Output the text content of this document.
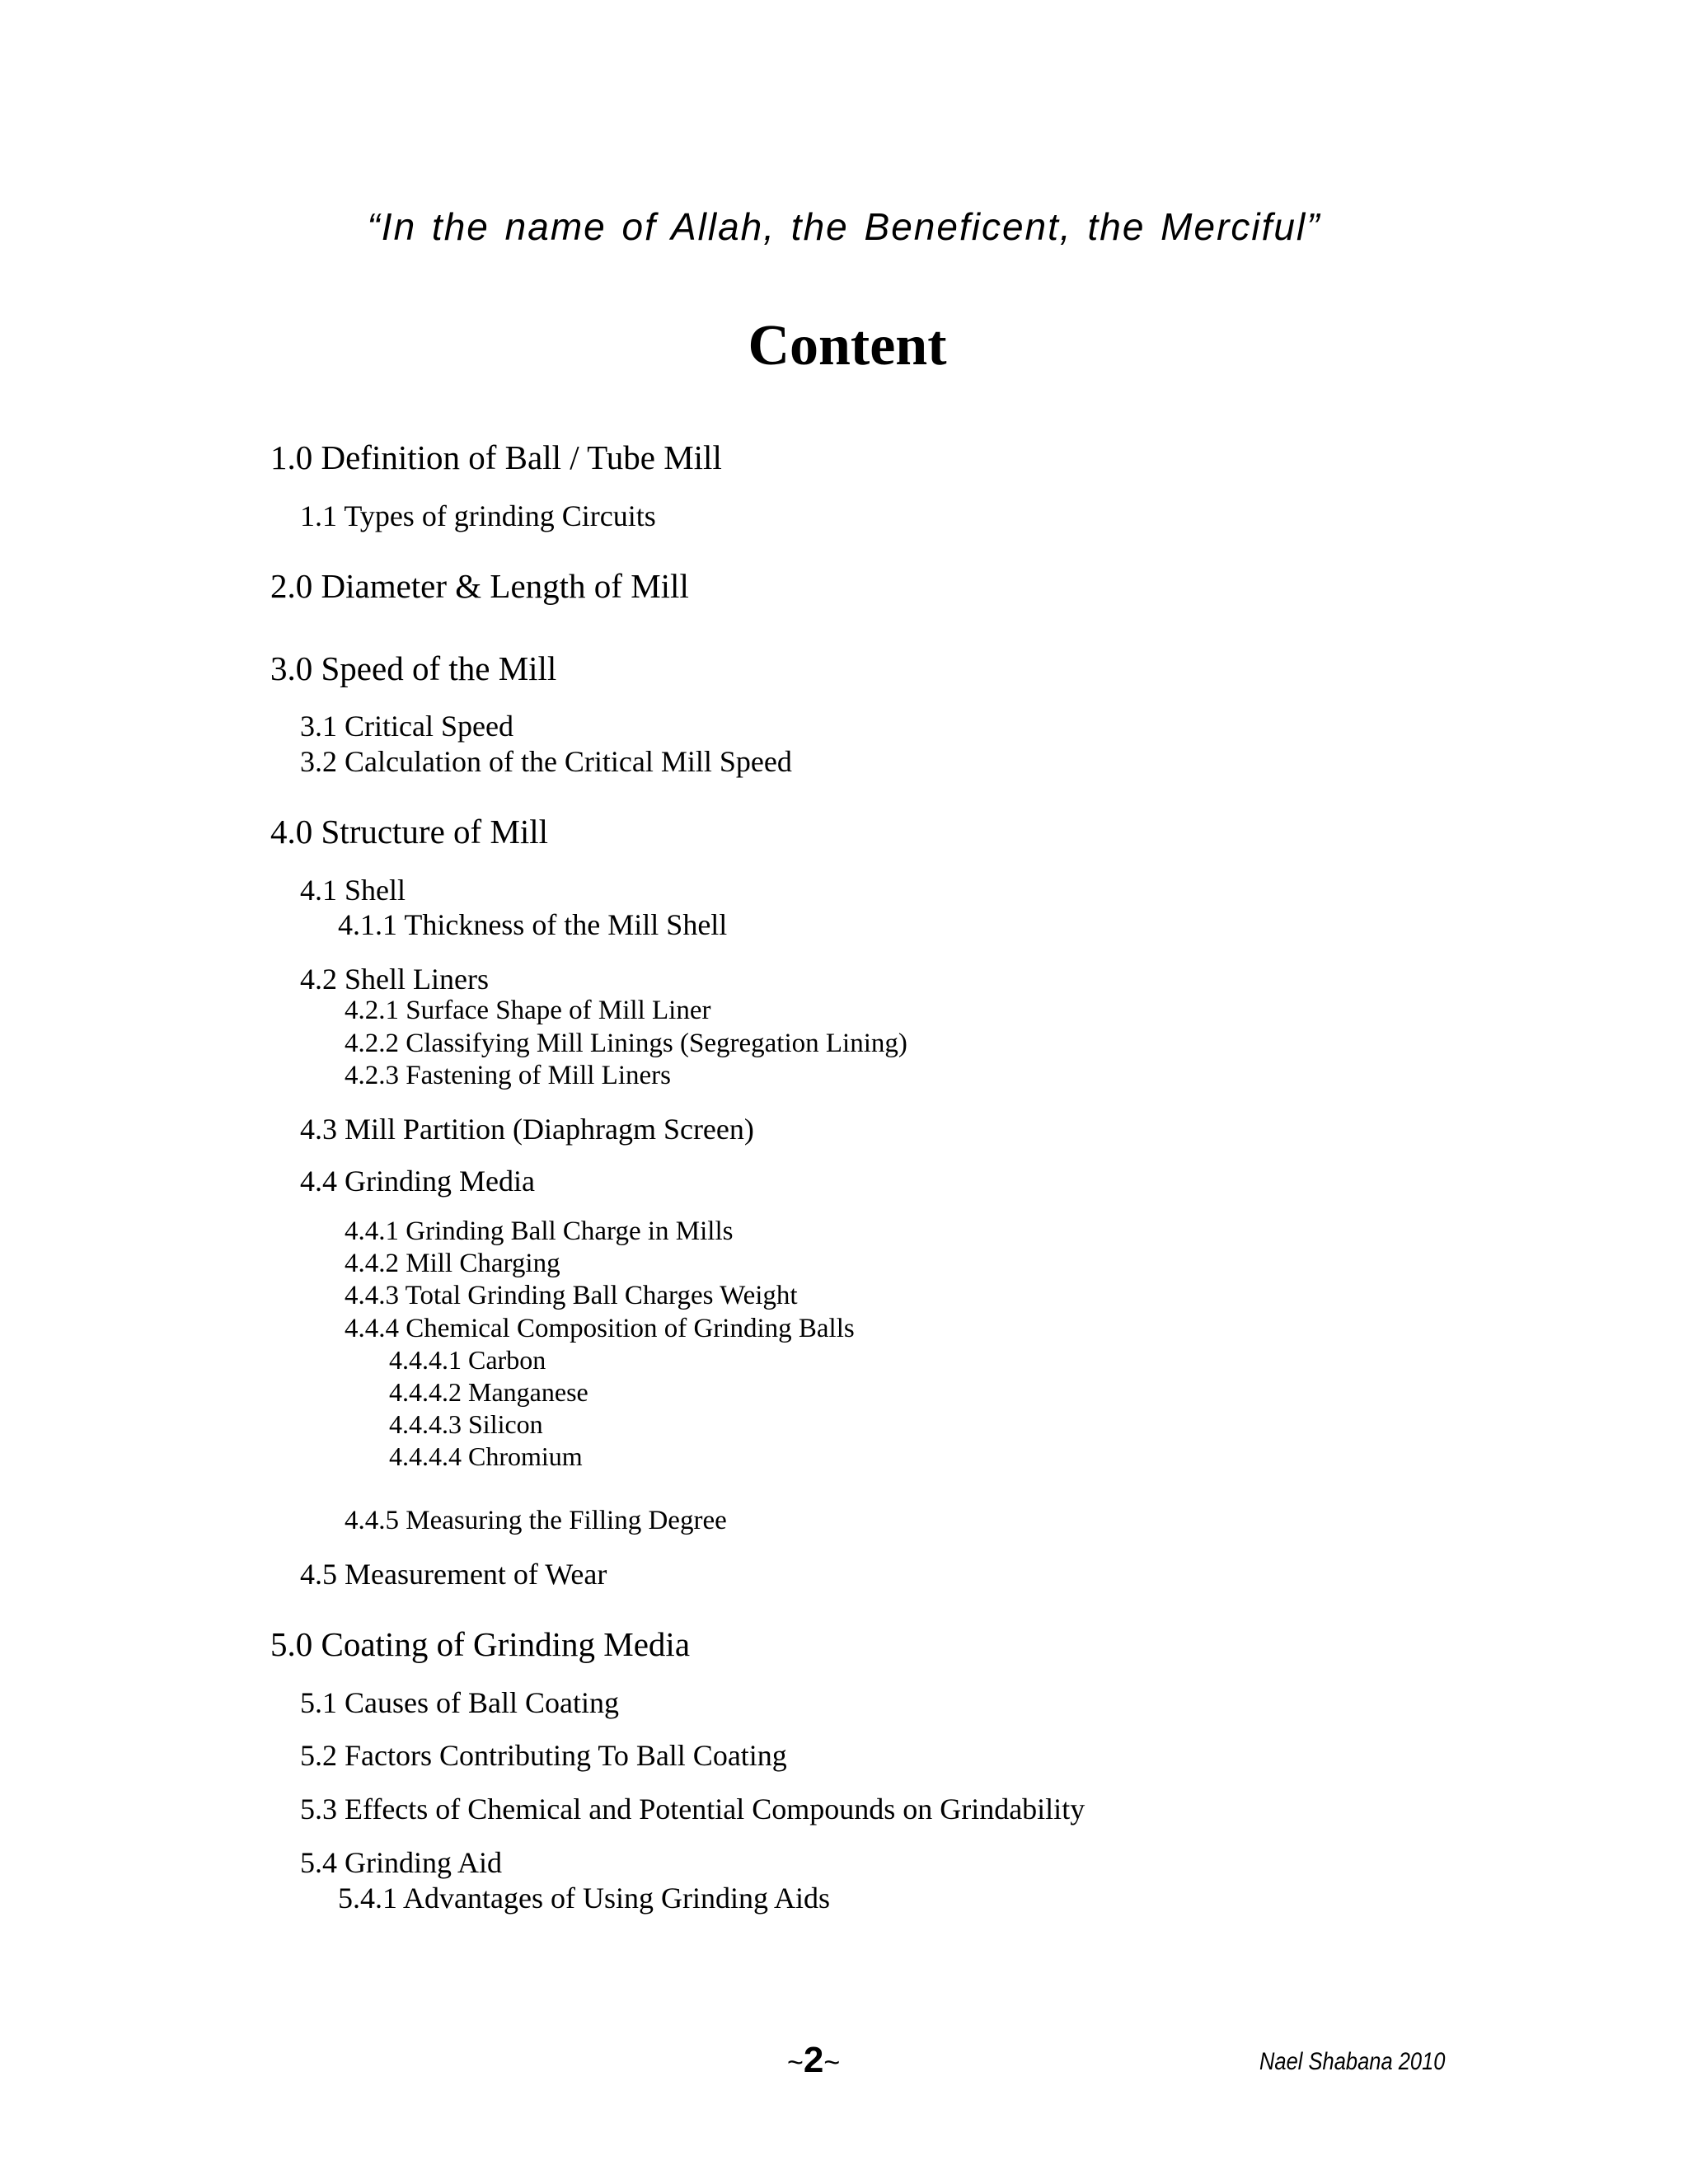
“In the name of Allah, the Beneficent, the Merciful”
Content
1.0 Definition of Ball / Tube Mill
1.1 Types of grinding Circuits
2.0 Diameter & Length of Mill
3.0 Speed of the Mill
3.1 Critical Speed
3.2 Calculation of the Critical Mill Speed
4.0 Structure of Mill
4.1 Shell
4.1.1 Thickness of the Mill Shell
4.2 Shell Liners
4.2.1 Surface Shape of Mill Liner
4.2.2 Classifying Mill Linings (Segregation Lining)
4.2.3 Fastening of Mill Liners
4.3 Mill Partition (Diaphragm Screen)
4.4 Grinding Media
4.4.1 Grinding Ball Charge in Mills
4.4.2 Mill Charging
4.4.3 Total Grinding Ball Charges Weight
4.4.4 Chemical Composition of Grinding Balls
4.4.4.1 Carbon
4.4.4.2 Manganese
4.4.4.3 Silicon
4.4.4.4 Chromium
4.4.5 Measuring the Filling Degree
4.5 Measurement of Wear
5.0 Coating of Grinding Media
5.1 Causes of Ball Coating
5.2 Factors Contributing To Ball Coating
5.3 Effects of Chemical and Potential Compounds on Grindability
5.4 Grinding Aid
5.4.1 Advantages of Using Grinding Aids
~2~	Nael Shabana 2010
